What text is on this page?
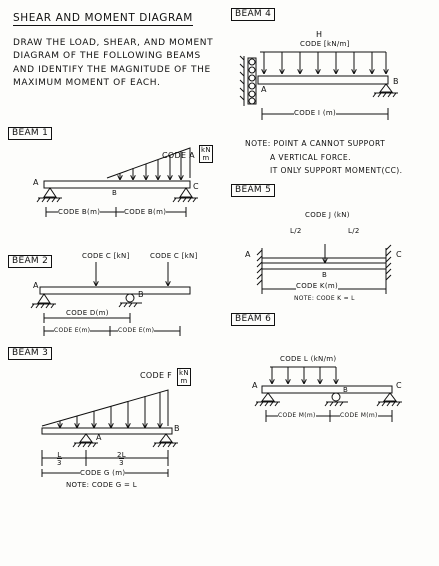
SHEAR AND MOMENT DIAGRAM
DRAW THE LOAD, SHEAR, AND MOMENT DIAGRAM OF THE FOLLOWING BEAMS AND IDENTIFY THE MAGNITUDE OF THE MAXIMUM MOMENT OF EACH.
BEAM 1
CODE A
kN
m
A
B
C
CODE B(m)	CODE B(m)
BEAM 2	CODE C [kN]	CODE C [kN]
A
B
CODE D(m)
CODE E(m)	CODE E(m)
BEAM 3
CODE F kN
m
A
B
$\frac{L}{3}$	$\frac{2L}{3}$
CODE G (m)
NOTE: CODE G = L
BEAM 4
H
CODE [kN/m]
A
B
CODE I (m)
NOTE: POINT A CANNOT SUPPORT
A VERTICAL FORCE.
IT ONLY SUPPORT MOMENT(CC).
BEAM 5
CODE J (kN)
L/2	L/2
A
B
C
CODE K(m)
NOTE: CODE K = L
BEAM 6
CODE L (kN/m)
A	B	C
CODE M(m)	CODE M(m)
